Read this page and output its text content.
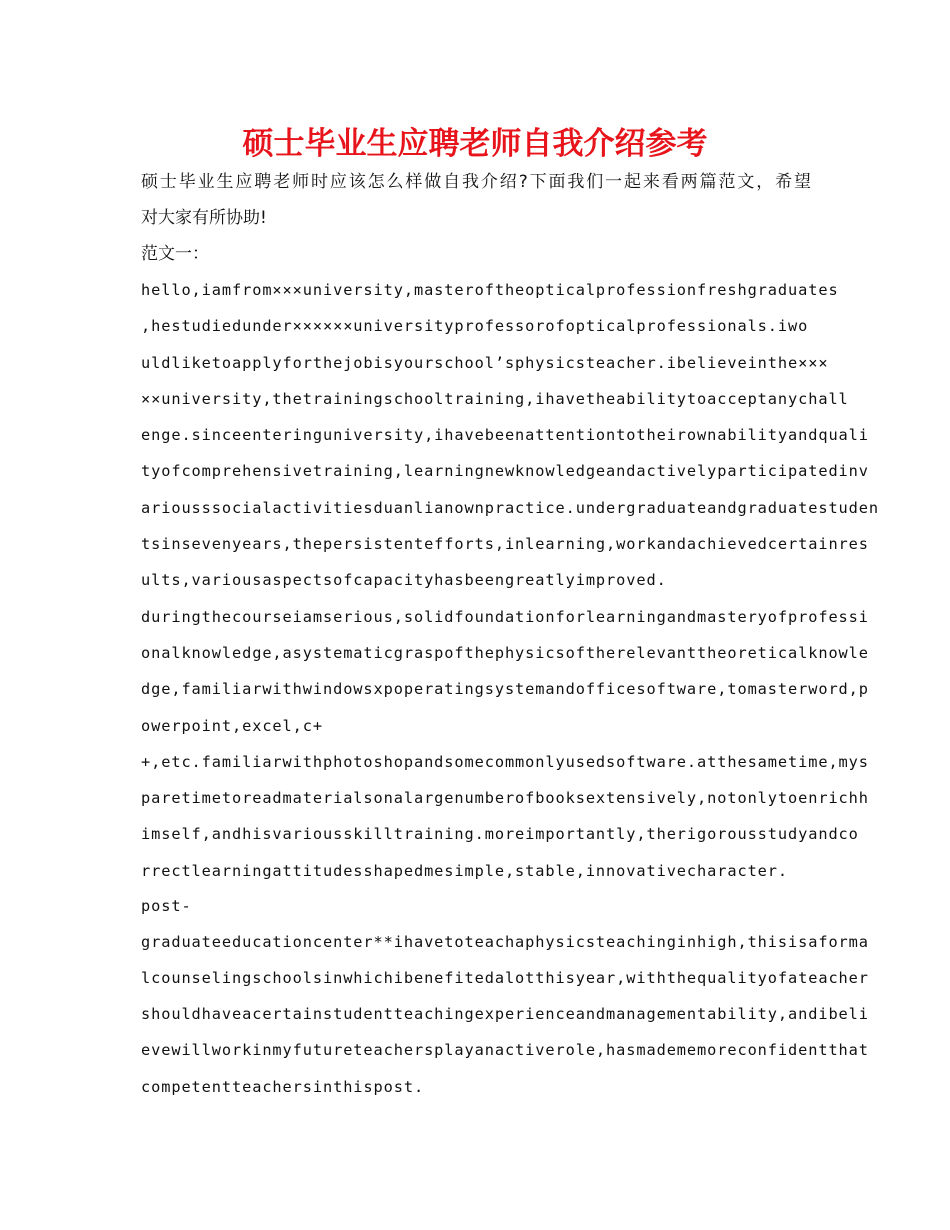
硕士毕业生应聘老师自我介绍参考
硕士毕业生应聘老师时应该怎么样做自我介绍?下面我们一起来看两篇范文，希望
对大家有所协助!
范文一：
hello,iamfrom×××university,masteroftheopticalprofessionfreshgraduates
,hestudiedunder××××××universityprofessorofopticalprofessionals.iwo
uldliketoapplyforthejobisyourschool’sphysicsteacher.ibelieveinthe×××
××university,thetrainingschooltraining,ihavetheabilitytoacceptanychall
enge.sinceenteringuniversity,ihavebeenattentiontotheirownabilityandquali
tyofcomprehensivetraining,learningnewknowledgeandactivelyparticipatedinv
ariousssocialactivitiesduanlianownpractice.undergraduateandgraduatestuden
tsinsevenyears,thepersistentefforts,inlearning,workandachievedcertainres
ults,variousaspectsofcapacityhasbeengreatlyimproved.
duringthecourseiamserious,solidfoundationforlearningandmasteryofprofessi
onalknowledge,asystematicgraspofthephysicsoftherelevanttheoreticalknowle
dge,familiarwithwindowsxpoperatingsystemandofficesoftware,tomasterword,p
owerpoint,excel,c+
+,etc.familiarwithphotoshopandsomecommonlyusedsoftware.atthesametime,mys
paretimetoreadmaterialsonalargenumberofbooksextensively,notonlytoenrichh
imself,andhisvariousskilltraining.moreimportantly,therigorousstudyandco
rrectlearningattitudesshapedmesimple,stable,innovativecharacter.
post-
graduateeducationcenter**ihavetoteachaphysicsteachinginhigh,thisisaforma
lcounselingschoolsinwhichibenefitedalotthisyear,withthequalityofateacher
shouldhaveacertainstudentteachingexperienceandmanagementability,andibeli
evewillworkinmyfutureteachersplayanactiverole,hasmadememoreconfidentthat
competentteachersinthispost.
